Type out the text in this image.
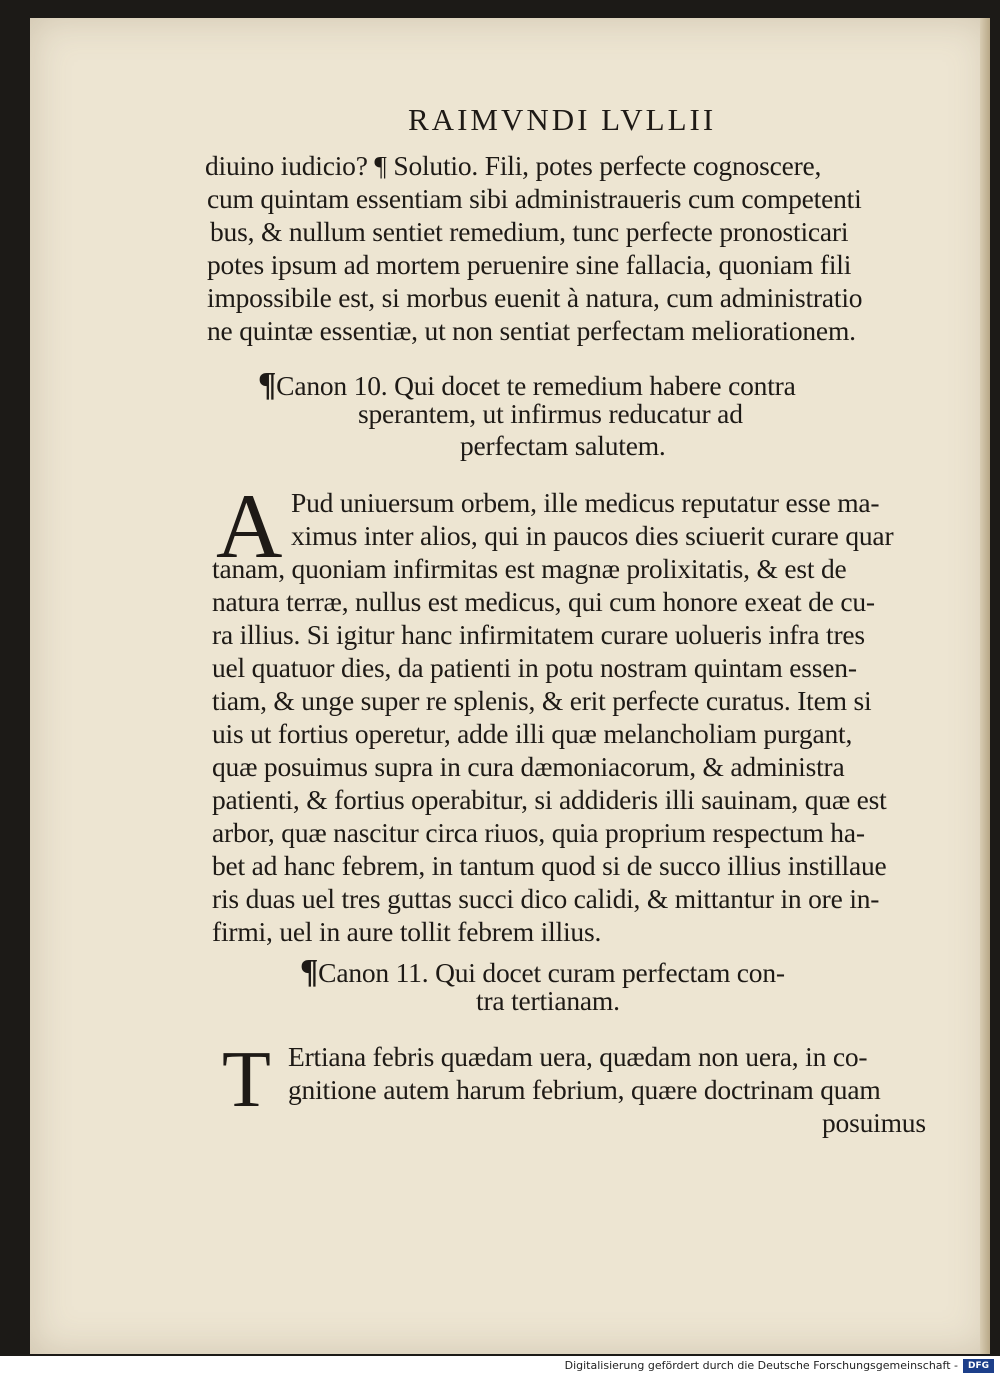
RAIMVNDI LVLLII
diuino iudicio? ¶ Solutio. Fili, potes perfecte cognoscere,
cum quintam essentiam sibi administraueris cum competenti
bus, & nullum sentiet remedium, tunc perfecte pronosticari
potes ipsum ad mortem peruenire sine fallacia, quoniam fili
impossibile est, si morbus euenit à natura, cum administratio
ne quintæ essentiæ, ut non sentiat perfectam meliorationem.
¶Canon 10. Qui docet te remedium habere contra
sperantem, ut infirmus reducatur ad
perfectam salutem.
A Pud uniuersum orbem, ille medicus reputatur esse ma-
ximus inter alios, qui in paucos dies sciuerit curare quar
tanam, quoniam infirmitas est magnæ prolixitatis, & est de
natura terræ, nullus est medicus, qui cum honore exeat de cu-
ra illius. Si igitur hanc infirmitatem curare uolueris infra tres
uel quatuor dies, da patienti in potu nostram quintam essen-
tiam, & unge super re splenis, & erit perfecte curatus. Item si
uis ut fortius operetur, adde illi quæ melancholiam purgant,
quæ posuimus supra in cura dæmoniacorum, & administra
patienti, & fortius operabitur, si addideris illi sauinam, quæ est
arbor, quæ nascitur circa riuos, quia proprium respectum ha-
bet ad hanc febrem, in tantum quod si de succo illius instillaue
ris duas uel tres guttas succi dico calidi, & mittantur in ore in-
firmi, uel in aure tollit febrem illius.
¶Canon 11. Qui docet curam perfectam con-
tra tertianam.
T Ertiana febris quædam uera, quædam non uera, in co-
gnitione autem harum febrium, quære doctrinam quam
posuimus
Digitalisierung gefördert durch die Deutsche Forschungsgemeinschaft -	DFG
